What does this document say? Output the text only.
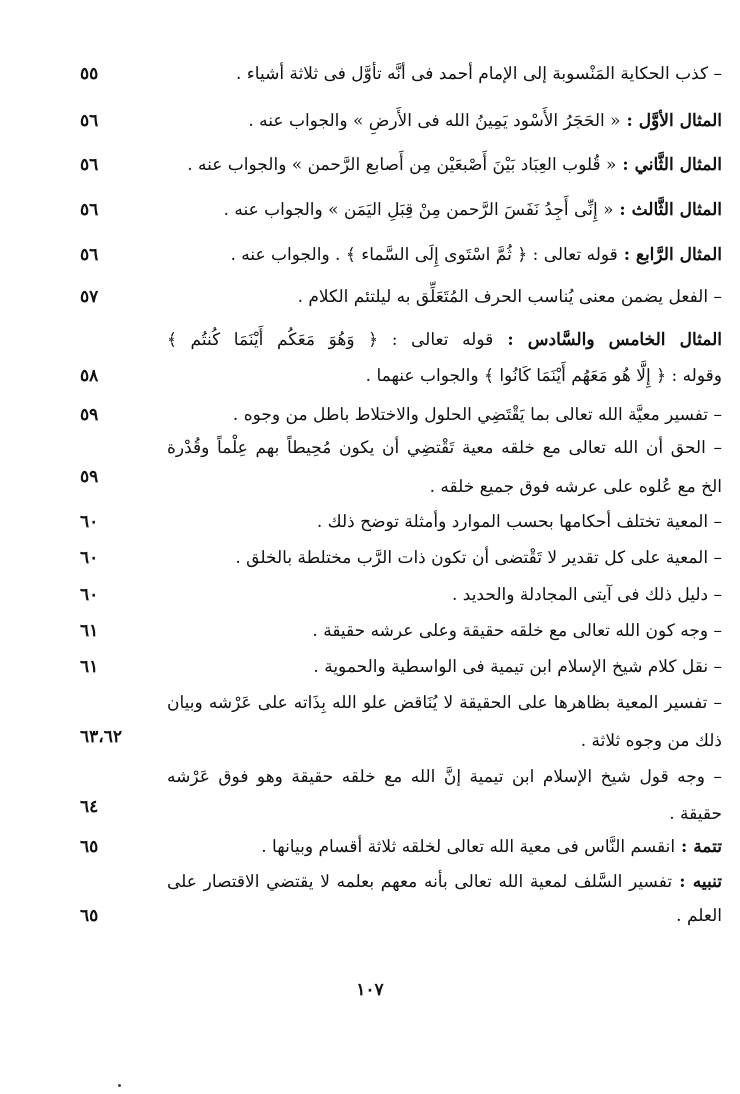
– كذب الحكاية المَنْسوبة إلى الإمام أحمد فى أنَّه تأوَّل فى ثلاثة أشياء .
٥٥
المثال الأوَّل : « الحَجَرُ الأَسْود يَمِينُ الله فى الأَرضِ » والجواب عنه .
٥٦
المثال الثَّاني : « قُلوب العِبَاد بَيْنَ أَصْبعَيْن مِن أَصابع الرَّحمن » والجواب عنه .
٥٦
المثال الثَّالث : « إِنِّى أَجِدُ نَفَسَ الرَّحمن مِنْ قِبَلِ اليَمَن » والجواب عنه .
٥٦
المثال الرَّابع : قوله تعالى : ﴿ ثُمَّ اسْتَوى إِلَى السَّماء ﴾ . والجواب عنه .
٥٦
– الفعل يضمن معنى يُناسب الحرف المُتَعَلِّق به ليلتئم الكلام .
٥٧
المثال الخامس والسَّادس : قوله تعالى : ﴿ وَهُوَ مَعَكُم أَيْنَمَا كُنتُم ﴾
وقوله : ﴿ إِلَّا هُو مَعَهُم أَيْنَمَا كَانُوا ﴾ والجواب عنهما .
٥٨
– تفسير معيَّة الله تعالى بما يَقْتَضِي الحلول والاختلاط باطل من وجوه .
٥٩
– الحق أن الله تعالى مع خلقه معية تَقْتضِي أن يكون مُحِيطاً بهم عِلْماً وقُدْرة
الخ مع عُلوه على عرشه فوق جميع خلقه .
٥٩
– المعية تختلف أحكامها بحسب الموارد وأمثلة توضح ذلك .
٦٠
– المعية على كل تقدير لا تَقْتضى أن تكون ذات الرَّب مختلطة بالخلق .
٦٠
– دليل ذلك فى آيتى المجادلة والحديد .
٦٠
– وجه كون الله تعالى مع خلقه حقيقة وعلى عرشه حقيقة .
٦١
– نقل كلام شيخ الإسلام ابن تيمية فى الواسطية والحموية .
٦١
– تفسير المعية بظاهرها على الحقيقة لا يُنَاقض علو الله بِذَاته على عَرْشه وبيان
ذلك من وجوه ثلاثة .
٦٣،٦٢
– وجه قول شيخ الإسلام ابن تيمية إنَّ الله مع خلقه حقيقة وهو فوق عَرْشه
حقيقة .
٦٤
تتمة : انقسم النَّاس فى معية الله تعالى لخلقه ثلاثة أقسام وبيانها .
٦٥
تنبيه : تفسير السَّلف لمعية الله تعالى بأنه معهم بعلمه لا يقتضي الاقتصار على
العلم .
٦٥
١٠٧
